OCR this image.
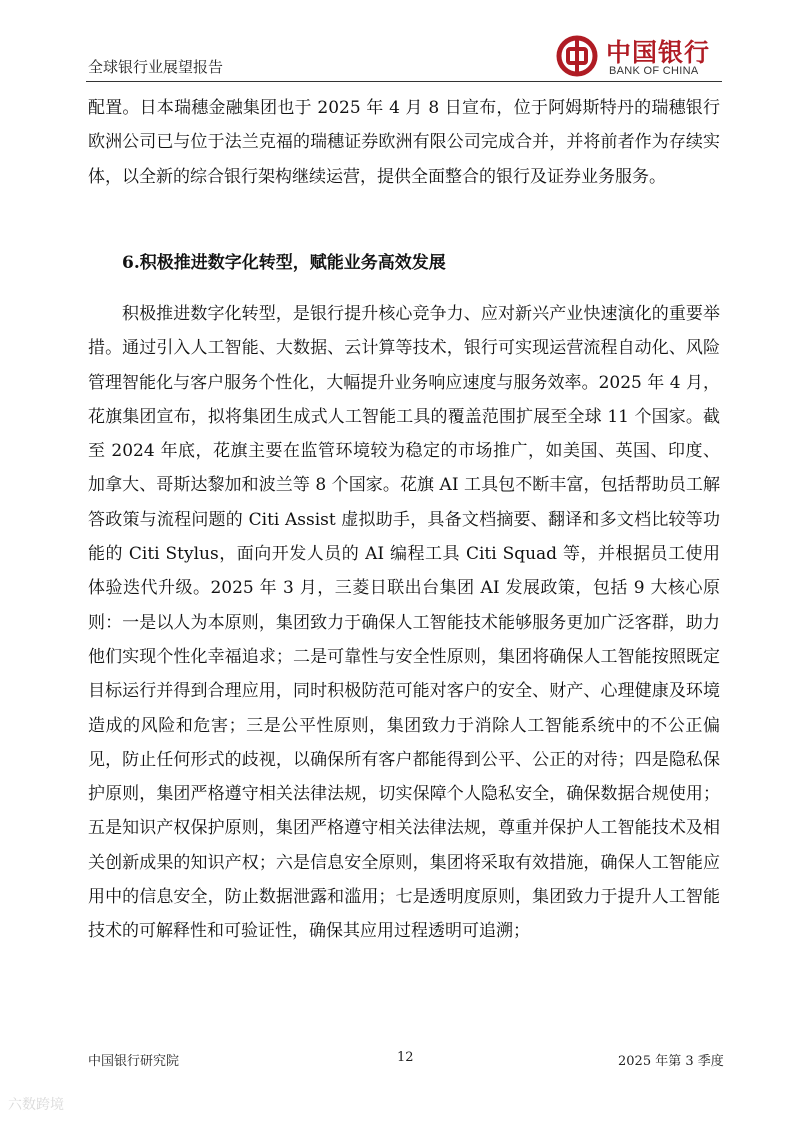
全球银行业展望报告	中国银行
BANK OF CHINA

配置。日本瑞穗金融集团也于 2025 年 4 月 8 日宣布，位于阿姆斯特丹的瑞穗银行欧洲公司已与位于法兰克福的瑞穗证券欧洲有限公司完成合并，并将前者作为存续实体，以全新的综合银行架构继续运营，提供全面整合的银行及证券业务服务。

6.积极推进数字化转型，赋能业务高效发展

积极推进数字化转型，是银行提升核心竞争力、应对新兴产业快速演化的重要举措。通过引入人工智能、大数据、云计算等技术，银行可实现运营流程自动化、风险管理智能化与客户服务个性化，大幅提升业务响应速度与服务效率。2025 年 4 月，花旗集团宣布，拟将集团生成式人工智能工具的覆盖范围扩展至全球 11 个国家。截至 2024 年底，花旗主要在监管环境较为稳定的市场推广，如美国、英国、印度、加拿大、哥斯达黎加和波兰等 8 个国家。花旗 AI 工具包不断丰富，包括帮助员工解答政策与流程问题的 Citi Assist 虚拟助手，具备文档摘要、翻译和多文档比较等功能的 Citi Stylus，面向开发人员的 AI 编程工具 Citi Squad 等，并根据员工使用体验迭代升级。2025 年 3 月，三菱日联出台集团 AI 发展政策，包括 9 大核心原则：一是以人为本原则，集团致力于确保人工智能技术能够服务更加广泛客群，助力他们实现个性化幸福追求；二是可靠性与安全性原则，集团将确保人工智能按照既定目标运行并得到合理应用，同时积极防范可能对客户的安全、财产、心理健康及环境造成的风险和危害；三是公平性原则，集团致力于消除人工智能系统中的不公正偏见，防止任何形式的歧视，以确保所有客户都能得到公平、公正的对待；四是隐私保护原则，集团严格遵守相关法律法规，切实保障个人隐私安全，确保数据合规使用；五是知识产权保护原则，集团严格遵守相关法律法规，尊重并保护人工智能技术及相关创新成果的知识产权；六是信息安全原则，集团将采取有效措施，确保人工智能应用中的信息安全，防止数据泄露和滥用；七是透明度原则，集团致力于提升人工智能技术的可解释性和可验证性，确保其应用过程透明可追溯；

中国银行研究院	12	2025 年第 3 季度
六数跨境
